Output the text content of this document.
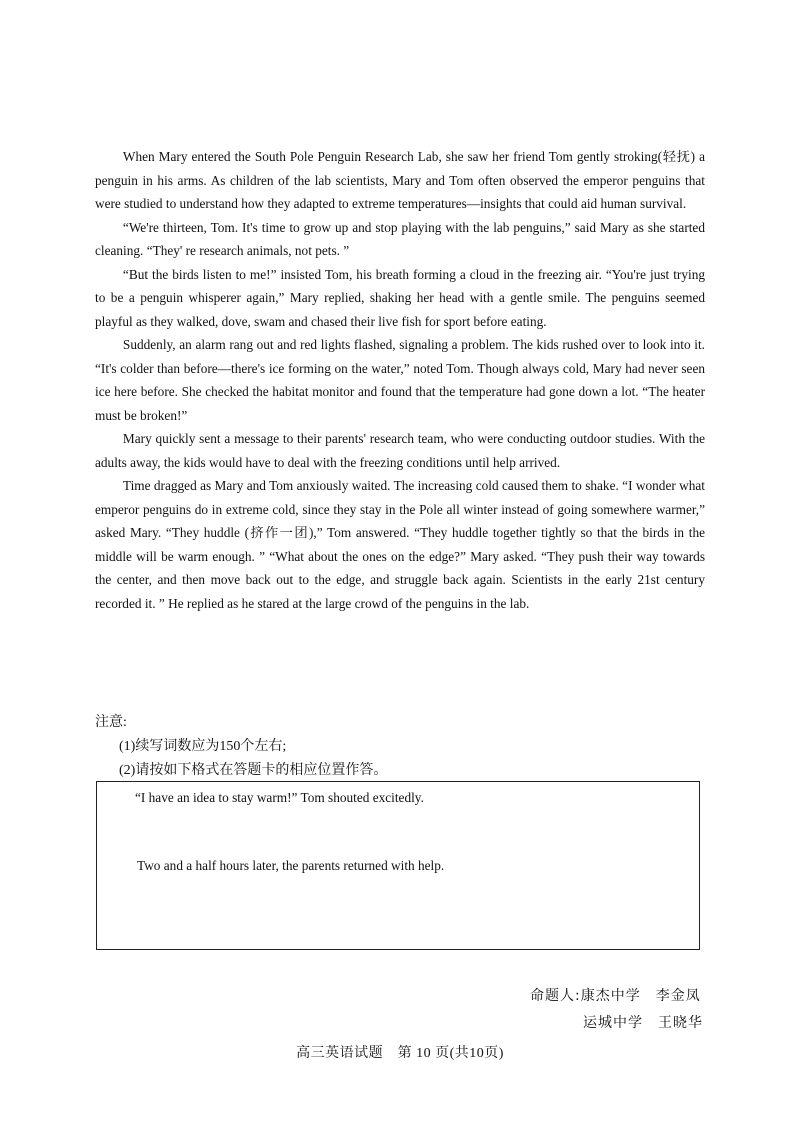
When Mary entered the South Pole Penguin Research Lab, she saw her friend Tom gently stroking(轻抚) a penguin in his arms. As children of the lab scientists, Mary and Tom often observed the emperor penguins that were studied to understand how they adapted to extreme temperatures—insights that could aid human survival.

“We're thirteen, Tom. It's time to grow up and stop playing with the lab penguins,” said Mary as she started cleaning. “They' re research animals, not pets. ”

“But the birds listen to me!” insisted Tom, his breath forming a cloud in the freezing air. “You're just trying to be a penguin whisperer again,” Mary replied, shaking her head with a gentle smile. The penguins seemed playful as they walked, dove, swam and chased their live fish for sport before eating.

Suddenly, an alarm rang out and red lights flashed, signaling a problem. The kids rushed over to look into it. “It's colder than before—there's ice forming on the water,” noted Tom. Though always cold, Mary had never seen ice here before. She checked the habitat monitor and found that the temperature had gone down a lot. “The heater must be broken!”

Mary quickly sent a message to their parents' research team, who were conducting outdoor studies. With the adults away, the kids would have to deal with the freezing conditions until help arrived.

Time dragged as Mary and Tom anxiously waited. The increasing cold caused them to shake. “I wonder what emperor penguins do in extreme cold, since they stay in the Pole all winter instead of going somewhere warmer,” asked Mary. “They huddle (挤作一团),” Tom answered. “They huddle together tightly so that the birds in the middle will be warm enough. ” “What about the ones on the edge?” Mary asked. “They push their way towards the center, and then move back out to the edge, and struggle back again. Scientists in the early 21st century recorded it. ” He replied as he stared at the large crowd of the penguins in the lab.

注意:

(1)续写词数应为150个左右;

(2)请按如下格式在答题卡的相应位置作答。

“I have an idea to stay warm!” Tom shouted excitedly.
Two and a half hours later, the parents returned with help.
命题人:康杰中学　李金凤
运城中学　王晓华
高三英语试题　第 10 页(共10页)
